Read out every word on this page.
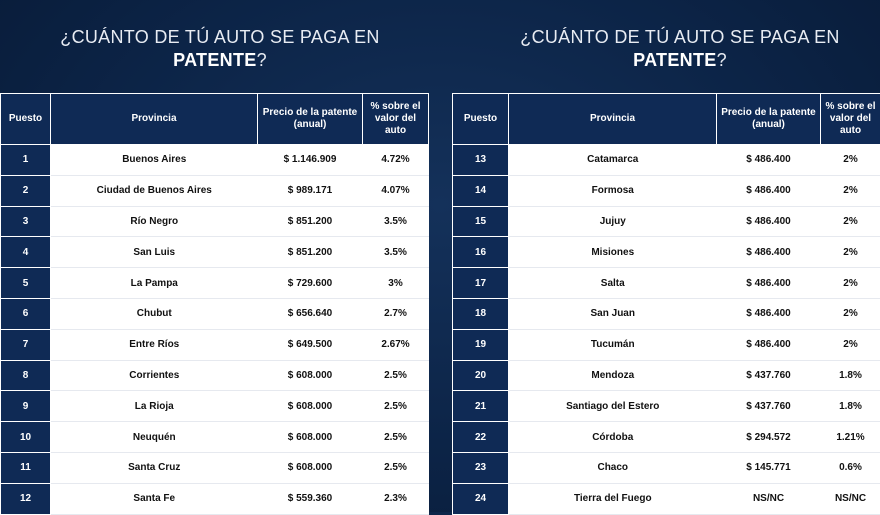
¿CUÁNTO DE TÚ AUTO SE PAGA EN
PATENTE?
Puesto	Provincia	Precio de la patente (anual)	% sobre el valor del auto
1	Buenos Aires	$ 1.146.909	4.72%
2	Ciudad de Buenos Aires	$ 989.171	4.07%
3	Río Negro	$ 851.200	3.5%
4	San Luis	$ 851.200	3.5%
5	La Pampa	$ 729.600	3%
6	Chubut	$ 656.640	2.7%
7	Entre Ríos	$ 649.500	2.67%
8	Corrientes	$ 608.000	2.5%
9	La Rioja	$ 608.000	2.5%
10	Neuquén	$ 608.000	2.5%
11	Santa Cruz	$ 608.000	2.5%
12	Santa Fe	$ 559.360	2.3%
¿CUÁNTO DE TÚ AUTO SE PAGA EN
PATENTE?
Puesto	Provincia	Precio de la patente (anual)	% sobre el valor del auto
13	Catamarca	$ 486.400	2%
14	Formosa	$ 486.400	2%
15	Jujuy	$ 486.400	2%
16	Misiones	$ 486.400	2%
17	Salta	$ 486.400	2%
18	San Juan	$ 486.400	2%
19	Tucumán	$ 486.400	2%
20	Mendoza	$ 437.760	1.8%
21	Santiago del Estero	$ 437.760	1.8%
22	Córdoba	$ 294.572	1.21%
23	Chaco	$ 145.771	0.6%
24	Tierra del Fuego	NS/NC	NS/NC
